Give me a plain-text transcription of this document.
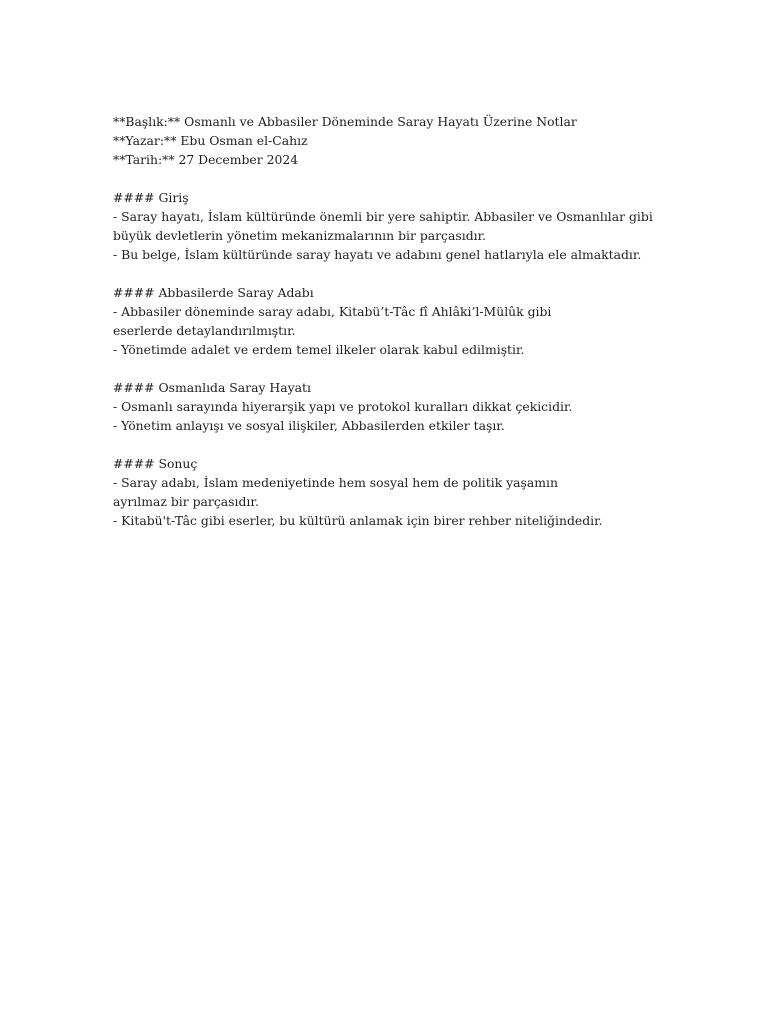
**Başlık:** Osmanlı ve Abbasiler Döneminde Saray Hayatı Üzerine Notlar
**Yazar:** Ebu Osman el-Cahız
**Tarih:** 27 December 2024
#### Giriş
- Saray hayatı, İslam kültüründe önemli bir yere sahiptir. Abbasiler ve Osmanlılar gibi büyük devletlerin yönetim mekanizmalarının bir parçasıdır.
- Bu belge, İslam kültüründe saray hayatı ve adabını genel hatlarıyla ele almaktadır.
#### Abbasilerde Saray Adabı
- Abbasiler döneminde saray adabı, Kitabü’t-Tâc fî Ahlâki’l-Mülûk gibi eserlerde detaylandırılmıştır.
- Yönetimde adalet ve erdem temel ilkeler olarak kabul edilmiştir.
#### Osmanlıda Saray Hayatı
- Osmanlı sarayında hiyerarşik yapı ve protokol kuralları dikkat çekicidir.
- Yönetim anlayışı ve sosyal ilişkiler, Abbasilerden etkiler taşır.
#### Sonuç
- Saray adabı, İslam medeniyetinde hem sosyal hem de politik yaşamın ayrılmaz bir parçasıdır.
- Kitabü't-Tâc gibi eserler, bu kültürü anlamak için birer rehber niteliğindedir.
